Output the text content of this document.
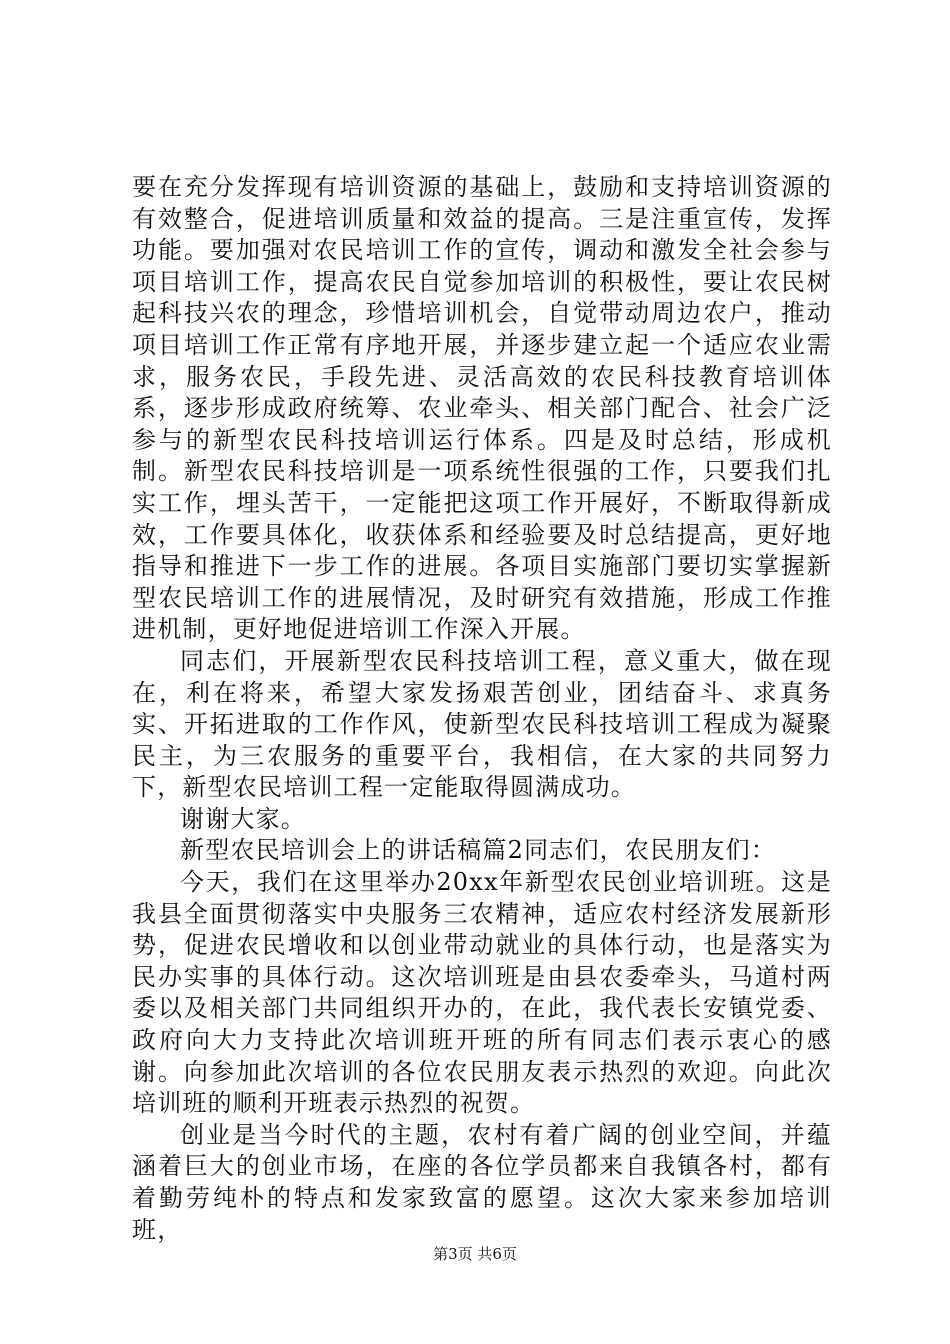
要在充分发挥现有培训资源的基础上，鼓励和支持培训资源的有效整合，促进培训质量和效益的提高。三是注重宣传，发挥功能。要加强对农民培训工作的宣传，调动和激发全社会参与项目培训工作，提高农民自觉参加培训的积极性，要让农民树起科技兴农的理念，珍惜培训机会，自觉带动周边农户，推动项目培训工作正常有序地开展，并逐步建立起一个适应农业需求，服务农民，手段先进、灵活高效的农民科技教育培训体系，逐步形成政府统筹、农业牵头、相关部门配合、社会广泛参与的新型农民科技培训运行体系。四是及时总结，形成机制。新型农民科技培训是一项系统性很强的工作，只要我们扎实工作，埋头苦干，一定能把这项工作开展好，不断取得新成效，工作要具体化，收获体系和经验要及时总结提高，更好地指导和推进下一步工作的进展。各项目实施部门要切实掌握新型农民培训工作的进展情况，及时研究有效措施，形成工作推进机制，更好地促进培训工作深入开展。

同志们，开展新型农民科技培训工程，意义重大，做在现在，利在将来，希望大家发扬艰苦创业，团结奋斗、求真务实、开拓进取的工作作风，使新型农民科技培训工程成为凝聚民主，为三农服务的重要平台，我相信，在大家的共同努力下，新型农民培训工程一定能取得圆满成功。

谢谢大家。

新型农民培训会上的讲话稿篇2同志们，农民朋友们：

今天，我们在这里举办20xx年新型农民创业培训班。这是我县全面贯彻落实中央服务三农精神，适应农村经济发展新形势，促进农民增收和以创业带动就业的具体行动，也是落实为民办实事的具体行动。这次培训班是由县农委牵头，马道村两委以及相关部门共同组织开办的，在此，我代表长安镇党委、政府向大力支持此次培训班开班的所有同志们表示衷心的感谢。向参加此次培训的各位农民朋友表示热烈的欢迎。向此次培训班的顺利开班表示热烈的祝贺。

创业是当今时代的主题，农村有着广阔的创业空间，并蕴涵着巨大的创业市场，在座的各位学员都来自我镇各村，都有着勤劳纯朴的特点和发家致富的愿望。这次大家来参加培训班，

第3页 共6页
